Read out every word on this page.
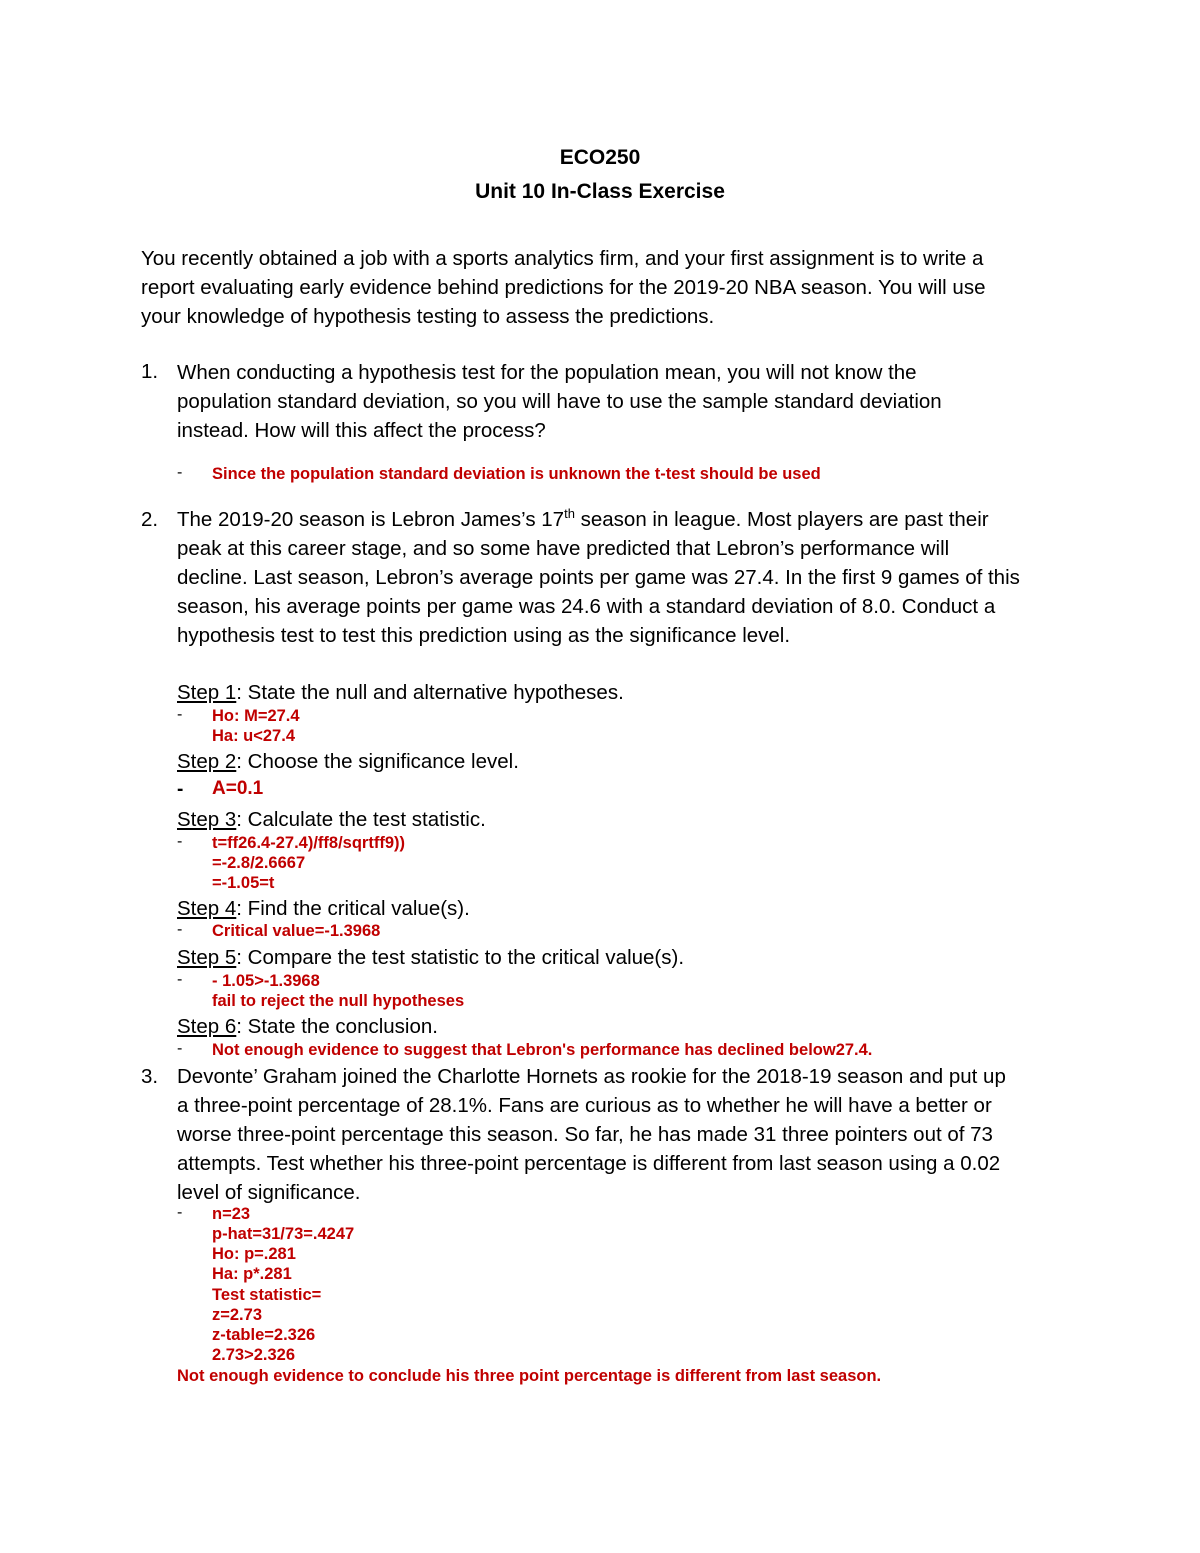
ECO250
Unit 10 In-Class Exercise
You recently obtained a job with a sports analytics firm, and your first assignment is to write a
report evaluating early evidence behind predictions for the 2019-20 NBA season. You will use
your knowledge of hypothesis testing to assess the predictions.
1. When conducting a hypothesis test for the population mean, you will not know the
population standard deviation, so you will have to use the sample standard deviation
instead. How will this affect the process?
- Since the population standard deviation is unknown the t-test should be used
2. The 2019-20 season is Lebron James’s 17th season in league. Most players are past their
peak at this career stage, and so some have predicted that Lebron’s performance will
decline. Last season, Lebron’s average points per game was 27.4. In the first 9 games of this
season, his average points per game was 24.6 with a standard deviation of 8.0. Conduct a
hypothesis test to test this prediction using as the significance level.
Step 1: State the null and alternative hypotheses.
- Ho: M=27.4
Ha: u<27.4
Step 2: Choose the significance level.
- A=0.1
Step 3: Calculate the test statistic.
- t=ff26.4-27.4)/ff8/sqrtff9))
=-2.8/2.6667
=-1.05=t
Step 4: Find the critical value(s).
- Critical value=-1.3968
Step 5: Compare the test statistic to the critical value(s).
- - 1.05>-1.3968
fail to reject the null hypotheses
Step 6: State the conclusion.
- Not enough evidence to suggest that Lebron's performance has declined below27.4.
3. Devonte’ Graham joined the Charlotte Hornets as rookie for the 2018-19 season and put up
a three-point percentage of 28.1%. Fans are curious as to whether he will have a better or
worse three-point percentage this season. So far, he has made 31 three pointers out of 73
attempts. Test whether his three-point percentage is different from last season using a 0.02
level of significance.
- n=23
p-hat=31/73=.4247
Ho: p=.281
Ha: p*.281
Test statistic=
z=2.73
z-table=2.326
2.73>2.326
Not enough evidence to conclude his three point percentage is different from last season.
